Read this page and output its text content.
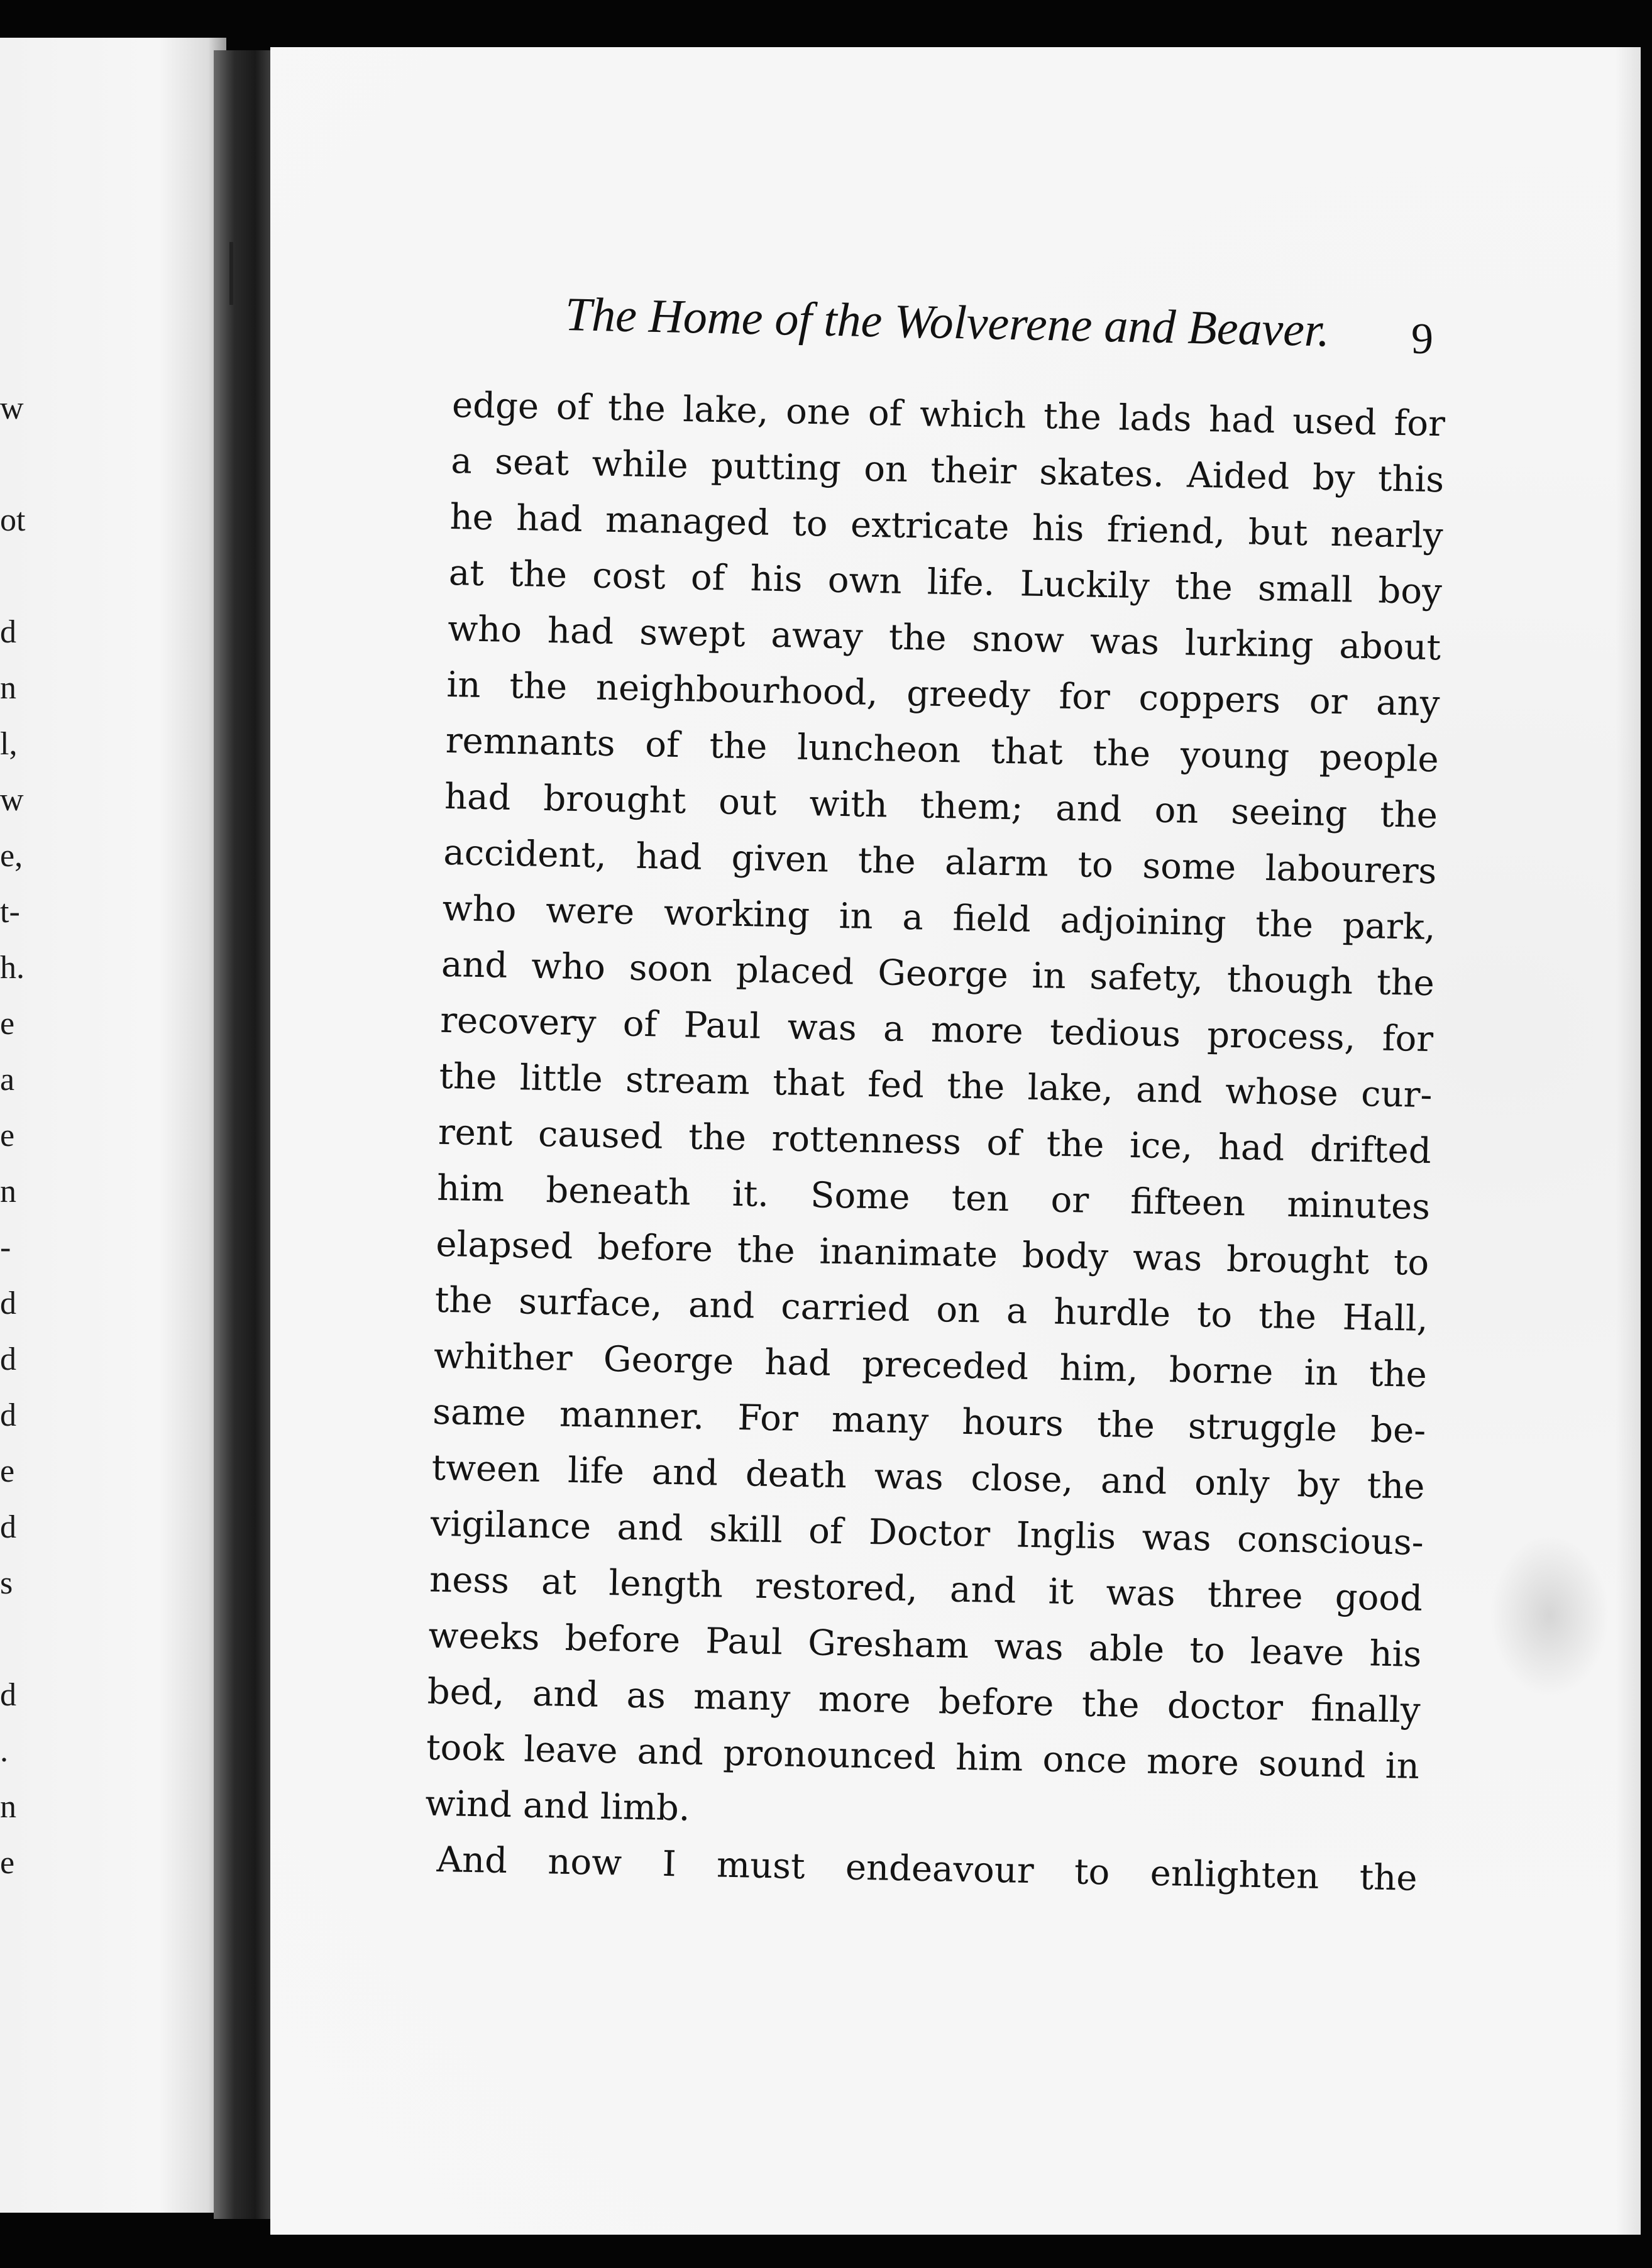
w
ot
d
n
l,
w
e,
t-
h.
e
a
e
n
-
d
d
d
e
d
s
d
.
n
e
The Home of the Wolverene and Beaver.	9
edge of the lake, one of which the lads had used for
a seat while putting on their skates. Aided by this
he had managed to extricate his friend, but nearly
at the cost of his own life. Luckily the small boy
who had swept away the snow was lurking about
in the neighbourhood, greedy for coppers or any
remnants of the luncheon that the young people
had brought out with them; and on seeing the
accident, had given the alarm to some labourers
who were working in a field adjoining the park,
and who soon placed George in safety, though the
recovery of Paul was a more tedious process, for
the little stream that fed the lake, and whose cur-
rent caused the rottenness of the ice, had drifted
him beneath it. Some ten or fifteen minutes
elapsed before the inanimate body was brought to
the surface, and carried on a hurdle to the Hall,
whither George had preceded him, borne in the
same manner. For many hours the struggle be-
tween life and death was close, and only by the
vigilance and skill of Doctor Inglis was conscious-
ness at length restored, and it was three good
weeks before Paul Gresham was able to leave his
bed, and as many more before the doctor finally
took leave and pronounced him once more sound in
wind and limb.
And now I must endeavour to enlighten the
